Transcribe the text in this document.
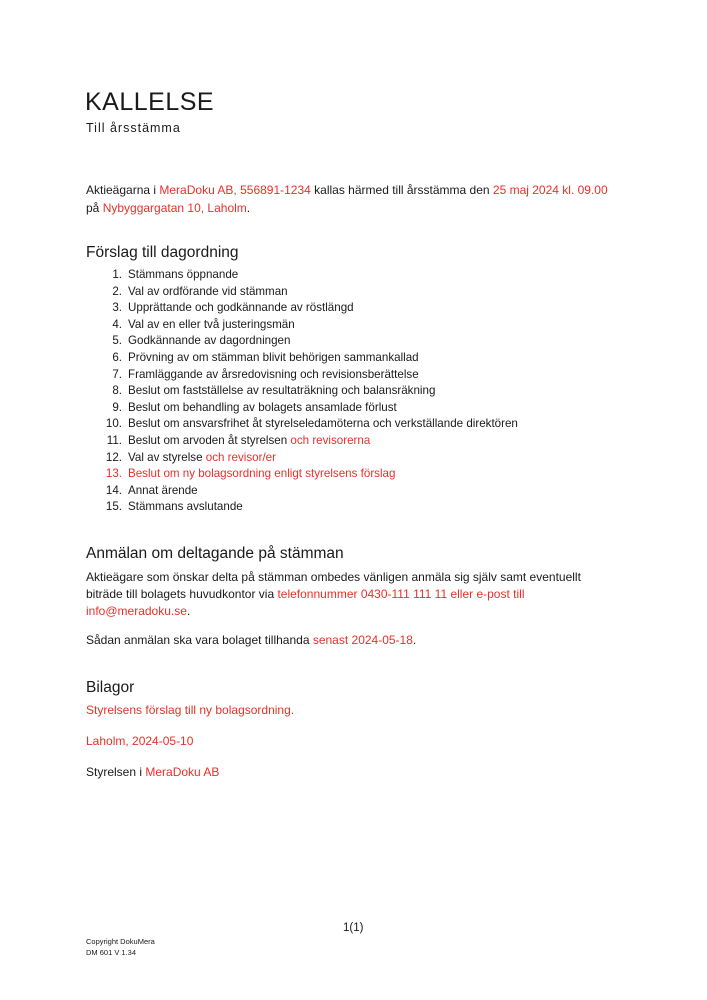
KALLELSE
Till årsstämma
Aktieägarna i MeraDoku AB, 556891-1234 kallas härmed till årsstämma den 25 maj 2024 kl. 09.00
på Nybyggargatan 10, Laholm.
Förslag till dagordning
1. Stämmans öppnande
2. Val av ordförande vid stämman
3. Upprättande och godkännande av röstlängd
4. Val av en eller två justeringsmän
5. Godkännande av dagordningen
6. Prövning av om stämman blivit behörigen sammankallad
7. Framläggande av årsredovisning och revisionsberättelse
8. Beslut om fastställelse av resultaträkning och balansräkning
9. Beslut om behandling av bolagets ansamlade förlust
10. Beslut om ansvarsfrihet åt styrelseledamöterna och verkställande direktören
11. Beslut om arvoden åt styrelsen och revisorerna
12. Val av styrelse och revisor/er
13. Beslut om ny bolagsordning enligt styrelsens förslag
14. Annat ärende
15. Stämmans avslutande
Anmälan om deltagande på stämman

Aktieägare som önskar delta på stämman ombedes vänligen anmäla sig själv samt eventuellt biträde till bolagets huvudkontor via telefonnummer 0430-111 111 11 eller e-post till info@meradoku.se.

Sådan anmälan ska vara bolaget tillhanda senast 2024-05-18.

Bilagor

Styrelsens förslag till ny bolagsordning.

Laholm, 2024-05-10

Styrelsen i MeraDoku AB

1(1)
Copyright DokuMera
DM 601 V 1.34
